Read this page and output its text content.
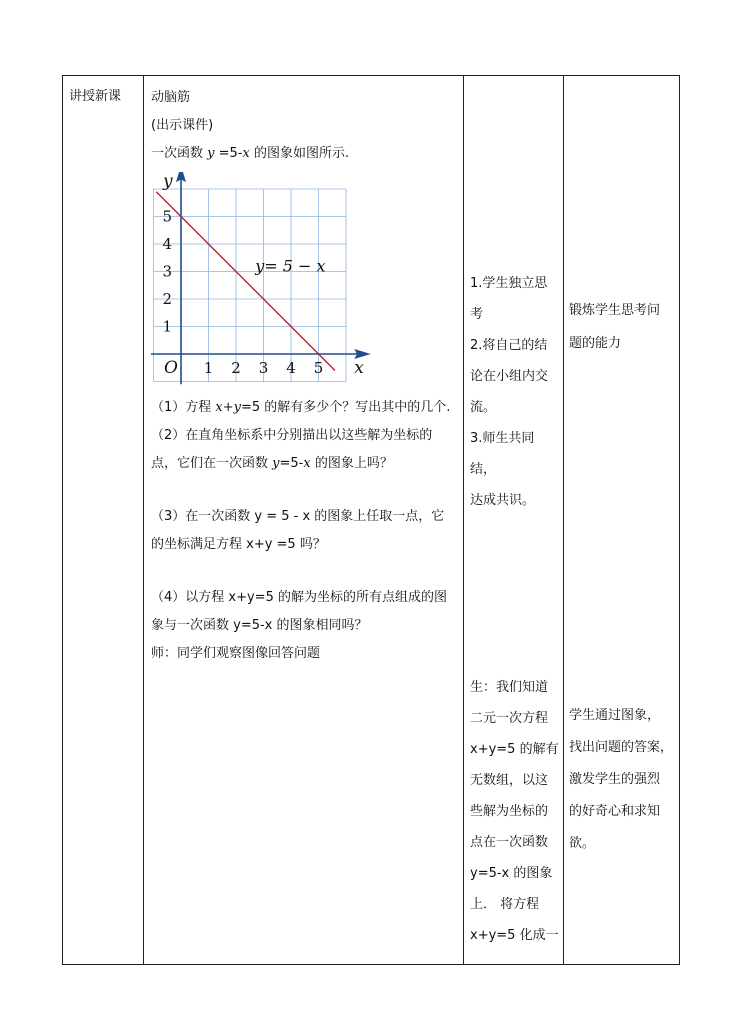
讲授新课	动脑筋
(出示课件)
一次函数 y =5-x 的图象如图所示.
1 2 3 4 5
1
2
3
4
5
y
x
O
y= 5 − x
（1）方程 x+y=5 的解有多少个？写出其中的几个.
（2）在直角坐标系中分别描出以这些解为坐标的
点，它们在一次函数 y=5-x 的图象上吗？
（3）在一次函数 y = 5 - x 的图象上任取一点，它
的坐标满足方程 x+y =5 吗？
（4）以方程 x+y=5 的解为坐标的所有点组成的图
象与一次函数 y=5-x 的图象相同吗？
师：同学们观察图像回答问题
1.学生独立思
考
2.将自己的结
论在小组内交
流。
3.师生共同结，
达成共识。
生：我们知道
二元一次方程
x+y=5 的解有
无数组，以这
些解为坐标的
点在一次函数
y=5-x 的图象
上． 将方程
x+y=5 化成一
锻炼学生思考问
题的能力
学生通过图象，
找出问题的答案，
激发学生的强烈
的好奇心和求知
欲。
